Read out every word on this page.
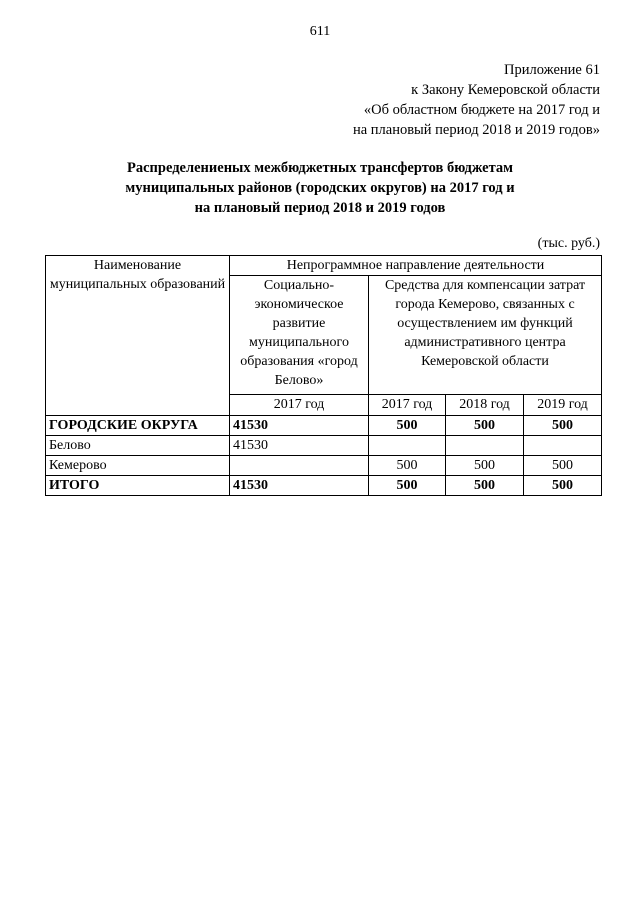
611
Приложение 61
к Закону Кемеровской области
«Об областном бюджете на 2017 год и
на плановый период 2018 и 2019 годов»
Распределениеных межбюджетных трансфертов бюджетам
муниципальных районов (городских округов) на 2017 год и
на плановый период 2018 и 2019 годов
(тыс. руб.)
Наименование муниципальных образований	Непрограммное направление деятельности			
	Социально-экономическое развитие муниципального образования «город Белово»	Средства для компенсации затрат города Кемерово, связанных с осуществлением им функций административного центра Кемеровской области		
	2017 год	2017 год	2018 год	2019 год
ГОРОДСКИЕ ОКРУГА	41530	500	500	500
Белово	41530			
Кемерово		500	500	500
ИТОГО	41530	500	500	500
